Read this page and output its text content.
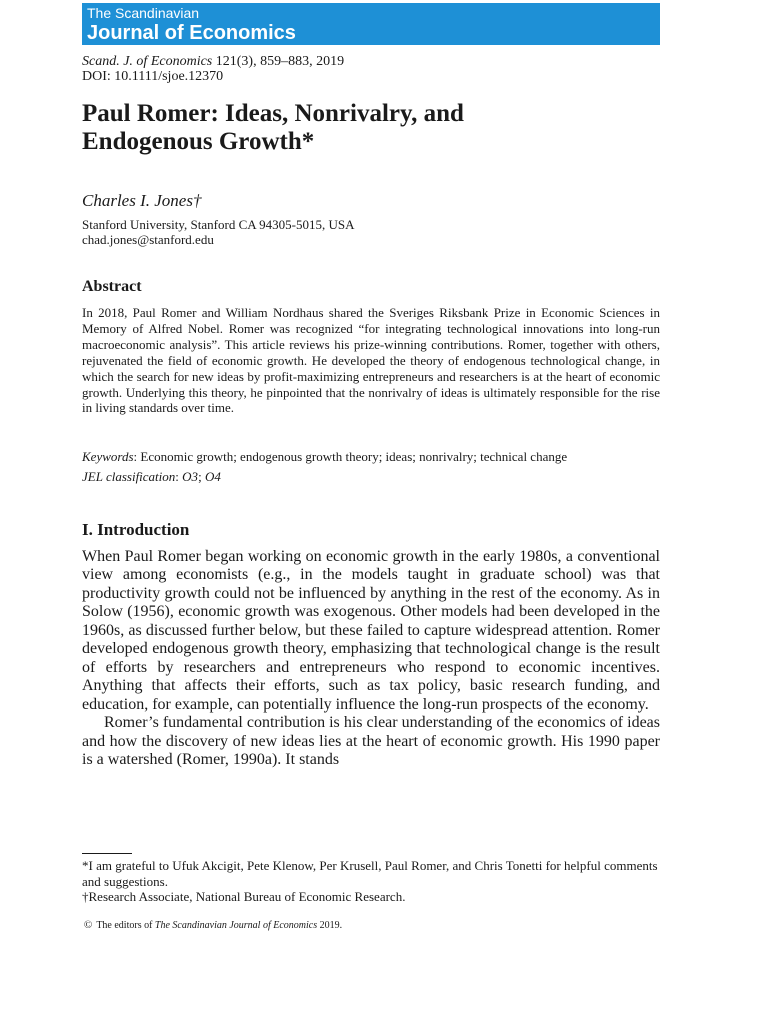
The Scandinavian
Journal of Economics
Scand. J. of Economics 121(3), 859–883, 2019
DOI: 10.1111/sjoe.12370
Paul Romer: Ideas, Nonrivalry, and
Endogenous Growth*
Charles I. Jones†
Stanford University, Stanford CA 94305-5015, USA
chad.jones@stanford.edu
Abstract

In 2018, Paul Romer and William Nordhaus shared the Sveriges Riksbank Prize in Economic Sciences in Memory of Alfred Nobel. Romer was recognized “for integrating technological innovations into long-run macroeconomic analysis”. This article reviews his prize-winning contributions. Romer, together with others, rejuvenated the field of economic growth. He developed the theory of endogenous technological change, in which the search for new ideas by profit-maximizing entrepreneurs and researchers is at the heart of economic growth. Underlying this theory, he pinpointed that the nonrivalry of ideas is ultimately responsible for the rise in living standards over time.

Keywords: Economic growth; endogenous growth theory; ideas; nonrivalry; technical change
JEL classification: O3; O4
I. Introduction

When Paul Romer began working on economic growth in the early 1980s, a conventional view among economists (e.g., in the models taught in graduate school) was that productivity growth could not be influenced by anything in the rest of the economy. As in Solow (1956), economic growth was exogenous. Other models had been developed in the 1960s, as discussed further below, but these failed to capture widespread attention. Romer developed endogenous growth theory, emphasizing that technological change is the result of efforts by researchers and entrepreneurs who respond to economic incentives. Anything that affects their efforts, such as tax policy, basic research funding, and education, for example, can potentially influence the long-run prospects of the economy.

Romer’s fundamental contribution is his clear understanding of the economics of ideas and how the discovery of new ideas lies at the heart of economic growth. His 1990 paper is a watershed (Romer, 1990a). It stands

*I am grateful to Ufuk Akcigit, Pete Klenow, Per Krusell, Paul Romer, and Chris Tonetti for helpful comments and suggestions.

†Research Associate, National Bureau of Economic Research.

© The editors of The Scandinavian Journal of Economics 2019.
